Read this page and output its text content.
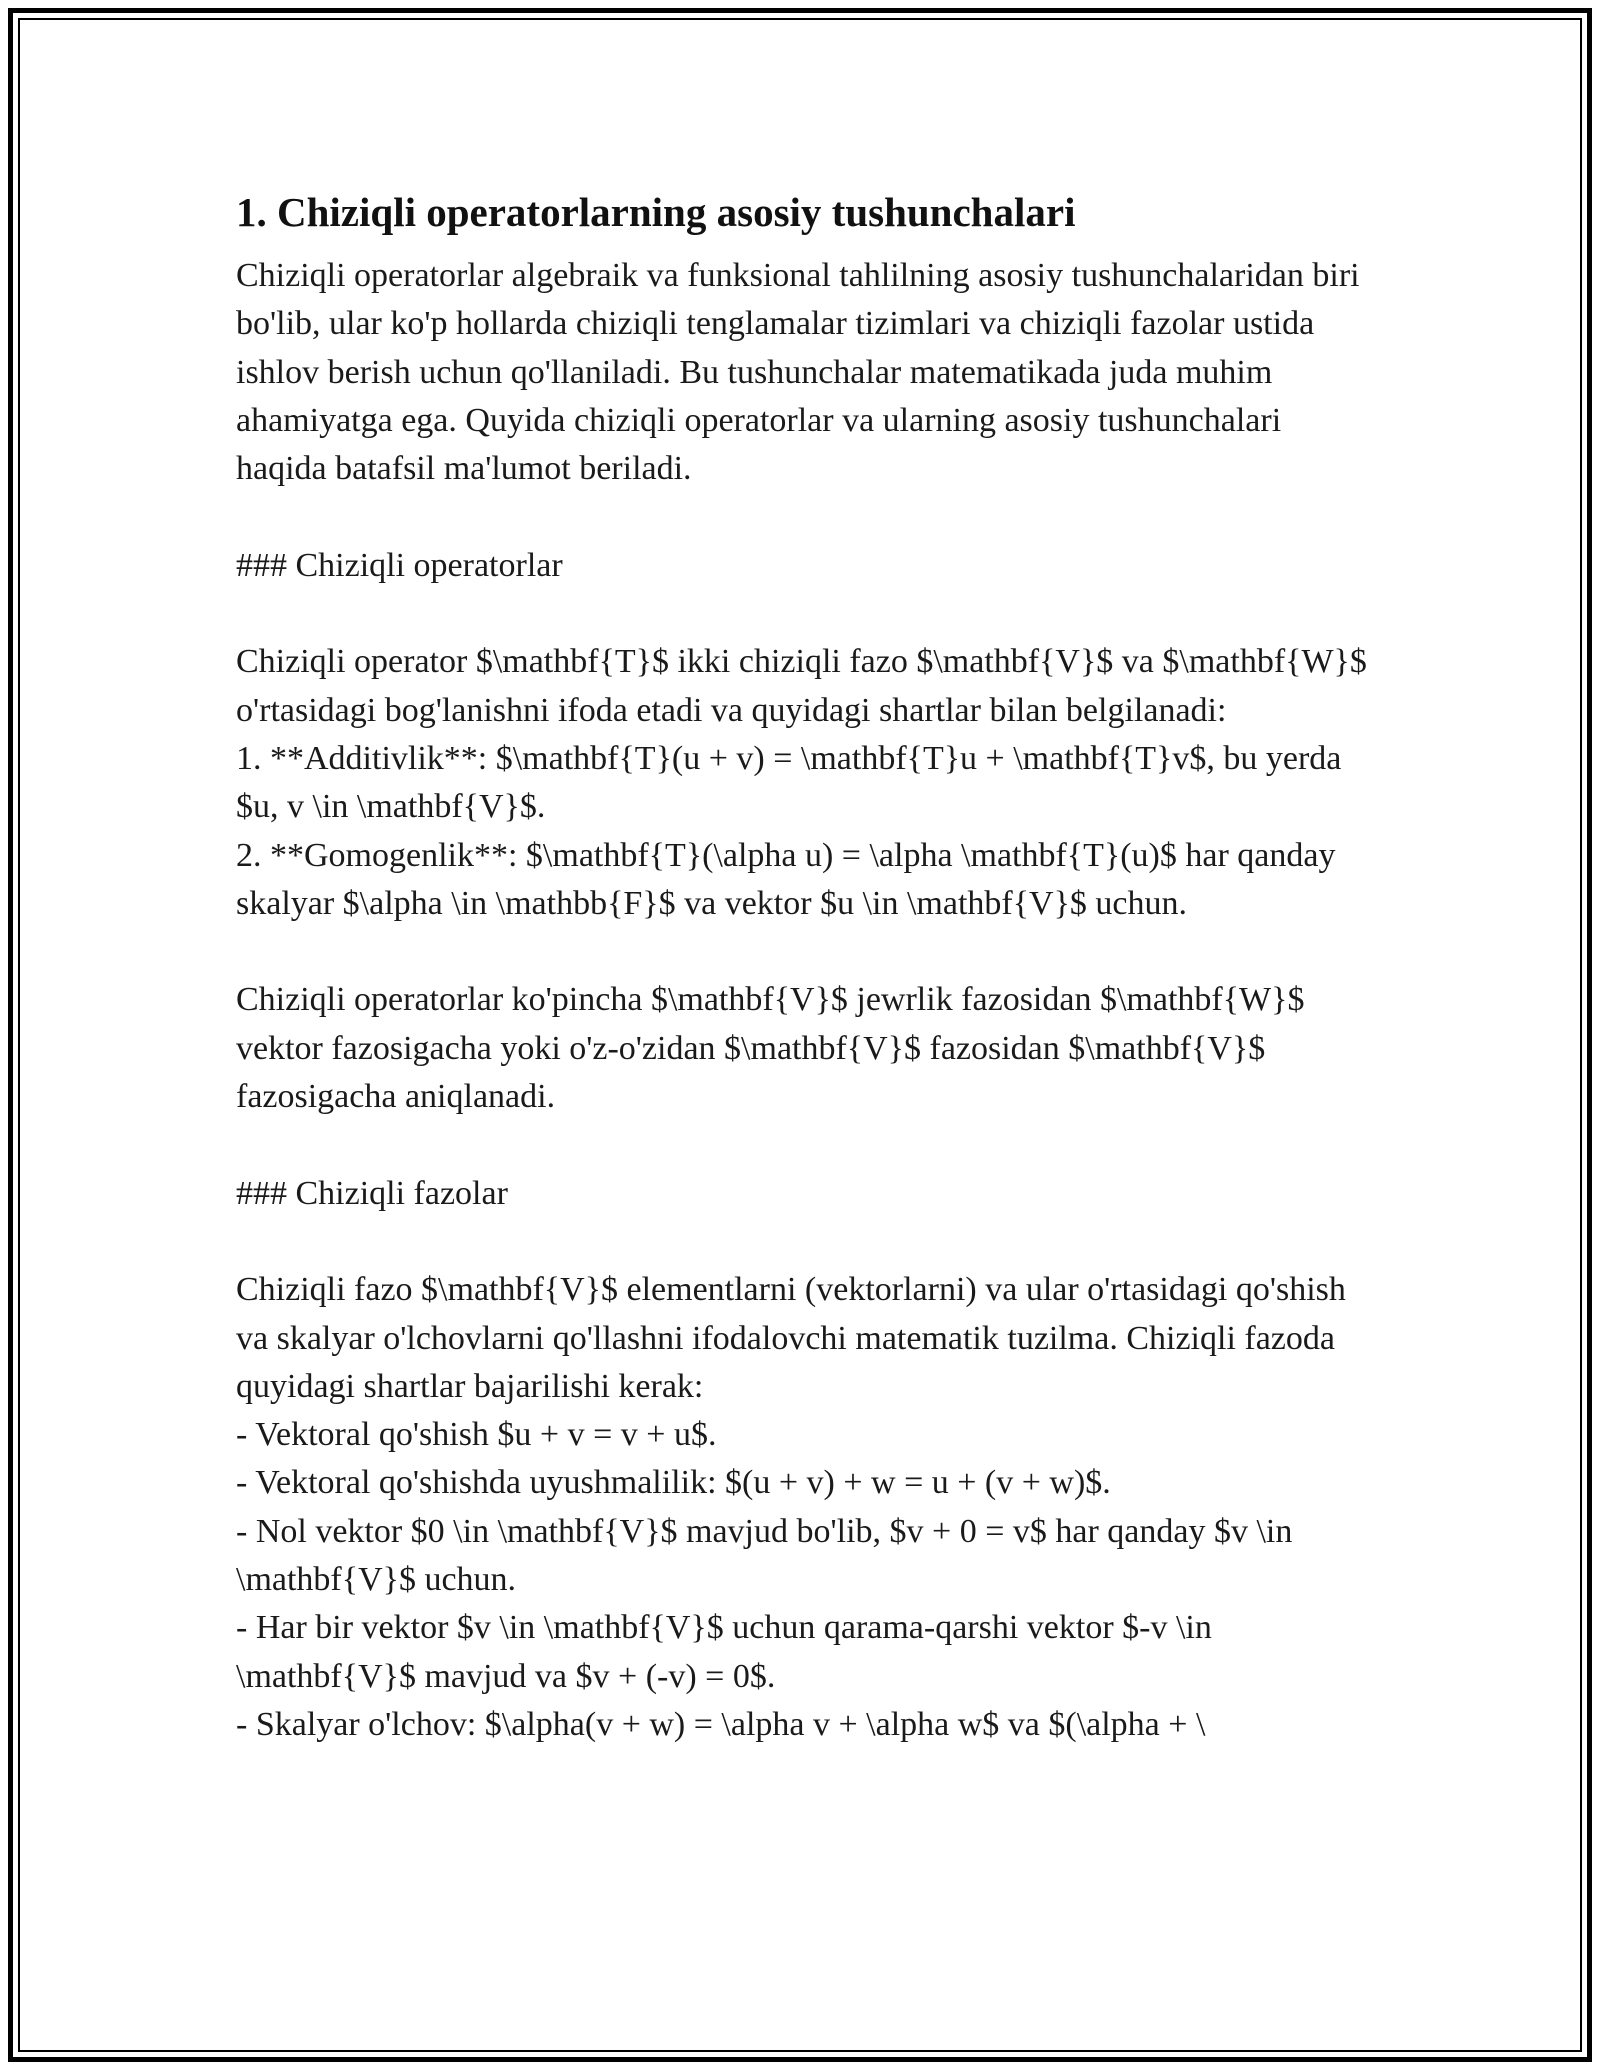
1. Chiziqli operatorlarning asosiy tushunchalari

Chiziqli operatorlar algebraik va funksional tahlilning asosiy tushunchalaridan biri bo'lib, ular ko'p hollarda chiziqli tenglamalar tizimlari va chiziqli fazolar ustida ishlov berish uchun qo'llaniladi. Bu tushunchalar matematikada juda muhim ahamiyatga ega. Quyida chiziqli operatorlar va ularning asosiy tushunchalari haqida batafsil ma'lumot beriladi.

### Chiziqli operatorlar

Chiziqli operator $\mathbf{T}$ ikki chiziqli fazo $\mathbf{V}$ va $\mathbf{W}$ o'rtasidagi bog'lanishni ifoda etadi va quyidagi shartlar bilan belgilanadi:

1. **Additivlik**: $\mathbf{T}(u + v) = \mathbf{T}u + \mathbf{T}v$, bu yerda $u, v \in \mathbf{V}$.

2. **Gomogenlik**: $\mathbf{T}(\alpha u) = \alpha \mathbf{T}(u)$ har qanday skalyar $\alpha \in \mathbb{F}$ va vektor $u \in \mathbf{V}$ uchun.

Chiziqli operatorlar ko'pincha $\mathbf{V}$ jewrlik fazosidan $\mathbf{W}$ vektor fazosigacha yoki o'z-o'zidan $\mathbf{V}$ fazosidan $\mathbf{V}$ fazosigacha aniqlanadi.

### Chiziqli fazolar

Chiziqli fazo $\mathbf{V}$ elementlarni (vektorlarni) va ular o'rtasidagi qo'shish va skalyar o'lchovlarni qo'llashni ifodalovchi matematik tuzilma. Chiziqli fazoda quyidagi shartlar bajarilishi kerak:

- Vektoral qo'shish $u + v = v + u$.

- Vektoral qo'shishda uyushmalilik: $(u + v) + w = u + (v + w)$.

- Nol vektor $0 \in \mathbf{V}$ mavjud bo'lib, $v + 0 = v$ har qanday $v \in \mathbf{V}$ uchun.

- Har bir vektor $v \in \mathbf{V}$ uchun qarama-qarshi vektor $-v \in \mathbf{V}$ mavjud va $v + (-v) = 0$.

- Skalyar o'lchov: $\alpha(v + w) = \alpha v + \alpha w$ va $(\alpha + \
